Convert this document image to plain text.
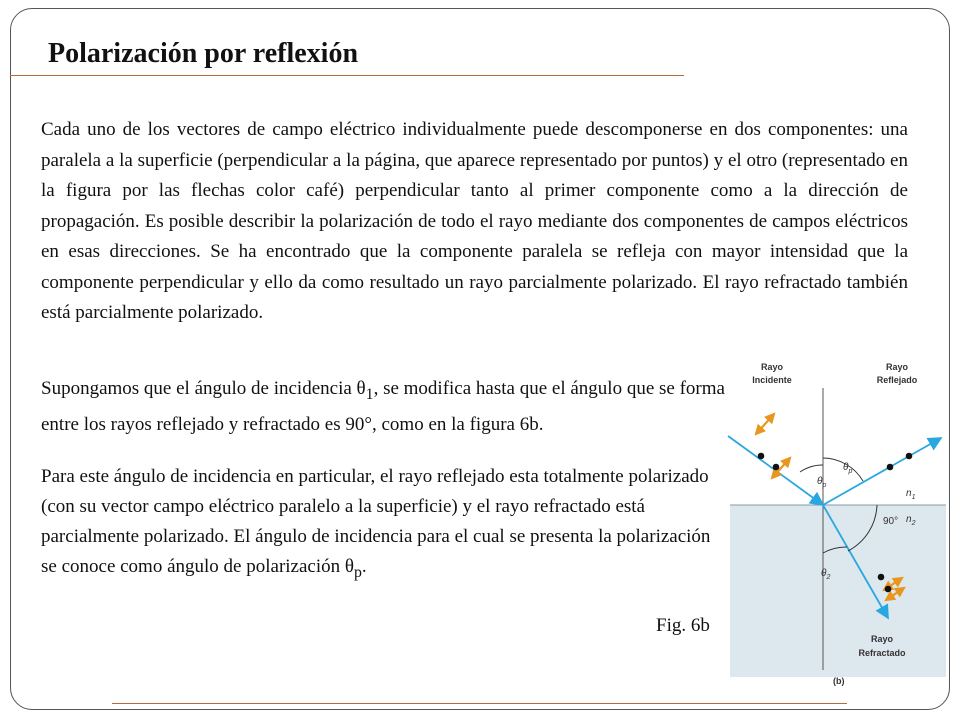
Polarización por reflexión

Cada uno de los vectores de campo eléctrico individualmente puede descomponerse en dos componentes: una paralela a la superficie (perpendicular a la página, que aparece representado por puntos) y el otro (representado en la figura por las flechas color café) perpendicular tanto al primer componente como a la dirección de propagación. Es posible describir la polarización de todo el rayo mediante dos componentes de campos eléctricos en esas direcciones. Se ha encontrado que la componente paralela se refleja con mayor intensidad que la componente perpendicular y ello da como resultado un rayo parcialmente polarizado. El rayo refractado también está parcialmente polarizado.

Supongamos que el ángulo de incidencia $\theta_1$, se modifica hasta que el ángulo que se forma entre los rayos reflejado y refractado es 90°, como en la figura 6b.

Para este ángulo de incidencia en particular, el rayo reflejado esta totalmente polarizado (con su vector campo eléctrico paralelo a la superficie) y el rayo refractado está parcialmente polarizado. El ángulo de incidencia para el cual se presenta la polarización se conoce como ángulo de polarización $\theta_p$.

Fig. 6b
Rayo
Incidente
Rayo
Reflejado
Rayo
Refractado
$\theta_p$
$\theta_p$
$\theta_2$
$n_1$
$n_2$
90°
(b)
